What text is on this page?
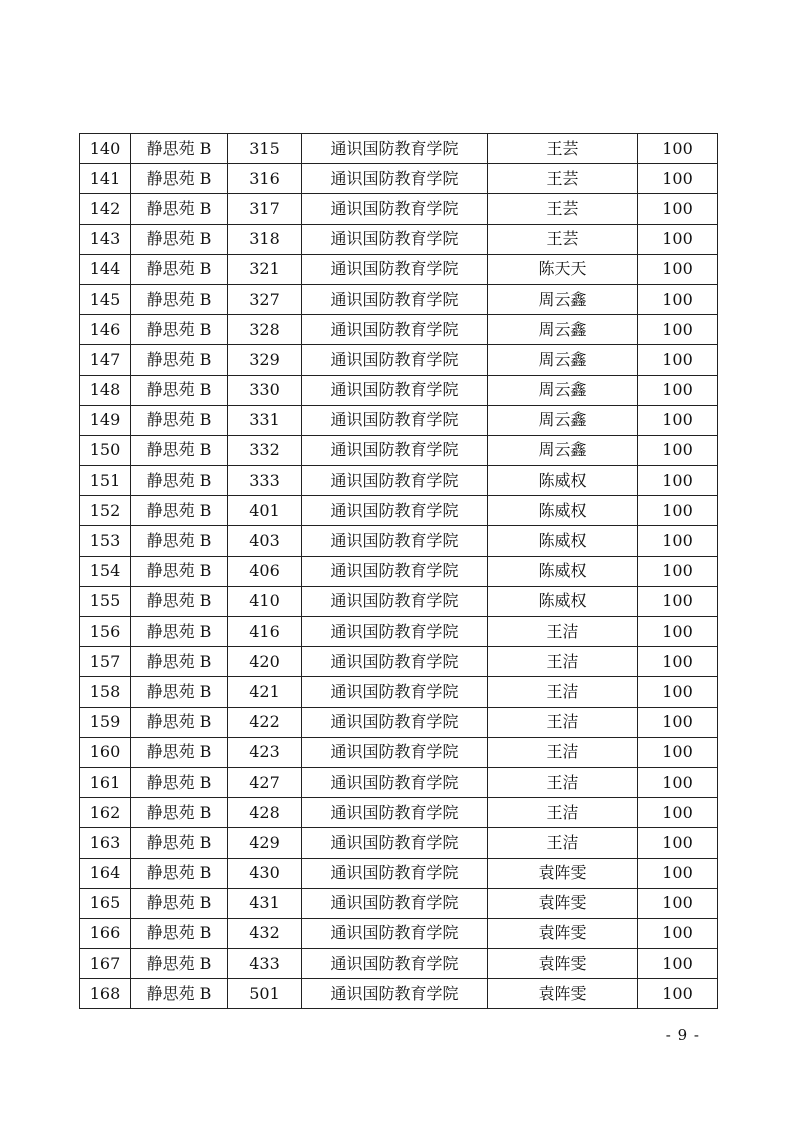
140	静思苑 B	315	通识国防教育学院	王芸	100
141	静思苑 B	316	通识国防教育学院	王芸	100
142	静思苑 B	317	通识国防教育学院	王芸	100
143	静思苑 B	318	通识国防教育学院	王芸	100
144	静思苑 B	321	通识国防教育学院	陈天天	100
145	静思苑 B	327	通识国防教育学院	周云鑫	100
146	静思苑 B	328	通识国防教育学院	周云鑫	100
147	静思苑 B	329	通识国防教育学院	周云鑫	100
148	静思苑 B	330	通识国防教育学院	周云鑫	100
149	静思苑 B	331	通识国防教育学院	周云鑫	100
150	静思苑 B	332	通识国防教育学院	周云鑫	100
151	静思苑 B	333	通识国防教育学院	陈威权	100
152	静思苑 B	401	通识国防教育学院	陈威权	100
153	静思苑 B	403	通识国防教育学院	陈威权	100
154	静思苑 B	406	通识国防教育学院	陈威权	100
155	静思苑 B	410	通识国防教育学院	陈威权	100
156	静思苑 B	416	通识国防教育学院	王洁	100
157	静思苑 B	420	通识国防教育学院	王洁	100
158	静思苑 B	421	通识国防教育学院	王洁	100
159	静思苑 B	422	通识国防教育学院	王洁	100
160	静思苑 B	423	通识国防教育学院	王洁	100
161	静思苑 B	427	通识国防教育学院	王洁	100
162	静思苑 B	428	通识国防教育学院	王洁	100
163	静思苑 B	429	通识国防教育学院	王洁	100
164	静思苑 B	430	通识国防教育学院	袁阵雯	100
165	静思苑 B	431	通识国防教育学院	袁阵雯	100
166	静思苑 B	432	通识国防教育学院	袁阵雯	100
167	静思苑 B	433	通识国防教育学院	袁阵雯	100
168	静思苑 B	501	通识国防教育学院	袁阵雯	100
- 9 -
